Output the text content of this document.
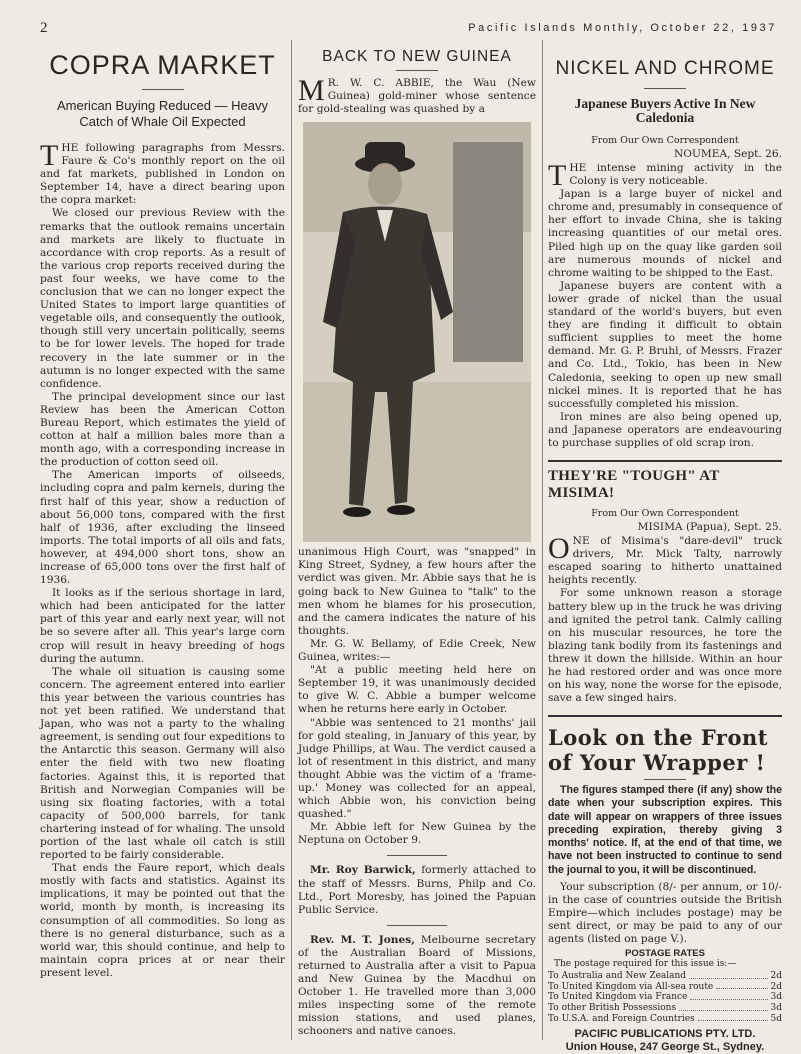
2	Pacific Islands Monthly, October 22, 1937
COPRA MARKET
American Buying Reduced — Heavy Catch of Whale Oil Expected

THE following paragraphs from Messrs. Faure & Co's monthly report on the oil and fat markets, published in London on September 14, have a direct bearing upon the copra market:

We closed our previous Review with the remarks that the outlook remains uncertain and markets are likely to fluctuate in accordance with crop reports. As a result of the various crop reports received during the past four weeks, we have come to the conclusion that we can no longer expect the United States to import large quantities of vegetable oils, and consequently the outlook, though still very uncertain politically, seems to be for lower levels. The hoped for trade recovery in the late summer or in the autumn is no longer expected with the same confidence.

The principal development since our last Review has been the American Cotton Bureau Report, which estimates the yield of cotton at half a million bales more than a month ago, with a corresponding increase in the production of cotton seed oil.

The American imports of oilseeds, including copra and palm kernels, during the first half of this year, show a reduction of about 56,000 tons, compared with the first half of 1936, after excluding the linseed imports. The total imports of all oils and fats, however, at 494,000 short tons, show an increase of 65,000 tons over the first half of 1936.

It looks as if the serious shortage in lard, which had been anticipated for the latter part of this year and early next year, will not be so severe after all. This year's large corn crop will result in heavy breeding of hogs during the autumn.

The whale oil situation is causing some concern. The agreement entered into earlier this year between the various countries has not yet been ratified. We understand that Japan, who was not a party to the whaling agreement, is sending out four expeditions to the Antarctic this season. Germany will also enter the field with two new floating factories. Against this, it is reported that British and Norwegian Companies will be using six floating factories, with a total capacity of 500,000 barrels, for tank chartering instead of for whaling. The unsold portion of the last whale oil catch is still reported to be fairly considerable.

That ends the Faure report, which deals mostly with facts and statistics. Against its implications, it may be pointed out that the world, month by month, is increasing its consumption of all commodities. So long as there is no general disturbance, such as a world war, this should continue, and help to maintain copra prices at or near their present level.

BACK TO NEW GUINEA

M R. W. C. ABBIE, the Wau (New Guinea) gold-miner whose sentence for gold-stealing was quashed by a

unanimous High Court, was "snapped" in King Street, Sydney, a few hours after the verdict was given. Mr. Abbie says that he is going back to New Guinea to "talk" to the men whom he blames for his prosecution, and the camera indicates the nature of his thoughts.

Mr. G. W. Bellamy, of Edie Creek, New Guinea, writes:—

"At a public meeting held here on September 19, it was unanimously decided to give W. C. Abbie a bumper welcome when he returns here early in October.

"Abbie was sentenced to 21 months' jail for gold stealing, in January of this year, by Judge Phillips, at Wau. The verdict caused a lot of resentment in this district, and many thought Abbie was the victim of a 'frame-up.' Money was collected for an appeal, which Abbie won, his conviction being quashed."

Mr. Abbie left for New Guinea by the Neptuna on October 9.

Mr. Roy Barwick, formerly attached to the staff of Messrs. Burns, Philp and Co. Ltd., Port Moresby, has joined the Papuan Public Service.

Rev. M. T. Jones, Melbourne secretary of the Australian Board of Missions, returned to Australia after a visit to Papua and New Guinea by the Macdhui on October 1. He travelled more than 3,000 miles inspecting some of the remote mission stations, and used planes, schooners and native canoes.

NICKEL AND CHROME
Japanese Buyers Active In New Caledonia
From Our Own Correspondent
NOUMEA, Sept. 26.

THE intense mining activity in the Colony is very noticeable.

Japan is a large buyer of nickel and chrome and, presumably in consequence of her effort to invade China, she is taking increasing quantities of our metal ores. Piled high up on the quay like garden soil are numerous mounds of nickel and chrome waiting to be shipped to the East.

Japanese buyers are content with a lower grade of nickel than the usual standard of the world's buyers, but even they are finding it difficult to obtain sufficient supplies to meet the home demand. Mr. G. P. Bruhl, of Messrs. Frazer and Co. Ltd., Tokio, has been in New Caledonia, seeking to open up new small nickel mines. It is reported that he has successfully completed his mission.

Iron mines are also being opened up, and Japanese operators are endeavouring to purchase supplies of old scrap iron.

THEY'RE "TOUGH" AT MISIMA!
From Our Own Correspondent
MISIMA (Papua), Sept. 25.

ONE of Misima's "dare-devil" truck drivers, Mr. Mick Talty, narrowly escaped soaring to hitherto unattained heights recently.

For some unknown reason a storage battery blew up in the truck he was driving and ignited the petrol tank. Calmly calling on his muscular resources, he tore the blazing tank bodily from its fastenings and threw it down the hillside. Within an hour he had restored order and was once more on his way, none the worse for the episode, save a few singed hairs.

Look on the Front of Your Wrapper !
The figures stamped there (if any) show the date when your subscription expires. This date will appear on wrappers of three issues preceding expiration, thereby giving 3 months' notice. If, at the end of that time, we have not been instructed to continue to send the journal to you, it will be discontinued.

Your subscription (8/- per annum, or 10/- in the case of countries outside the British Empire—which includes postage) may be sent direct, or may be paid to any of our agents (listed on page V.).

POSTAGE RATES
The postage required for this issue is:—
To Australia and New Zealand	2d
To United Kingdom via All-sea route	2d
To United Kingdom via France	3d
To other British Possessions	3d
To U.S.A. and Foreign Countries	5d
PACIFIC PUBLICATIONS PTY. LTD.
Union House, 247 George St., Sydney.
